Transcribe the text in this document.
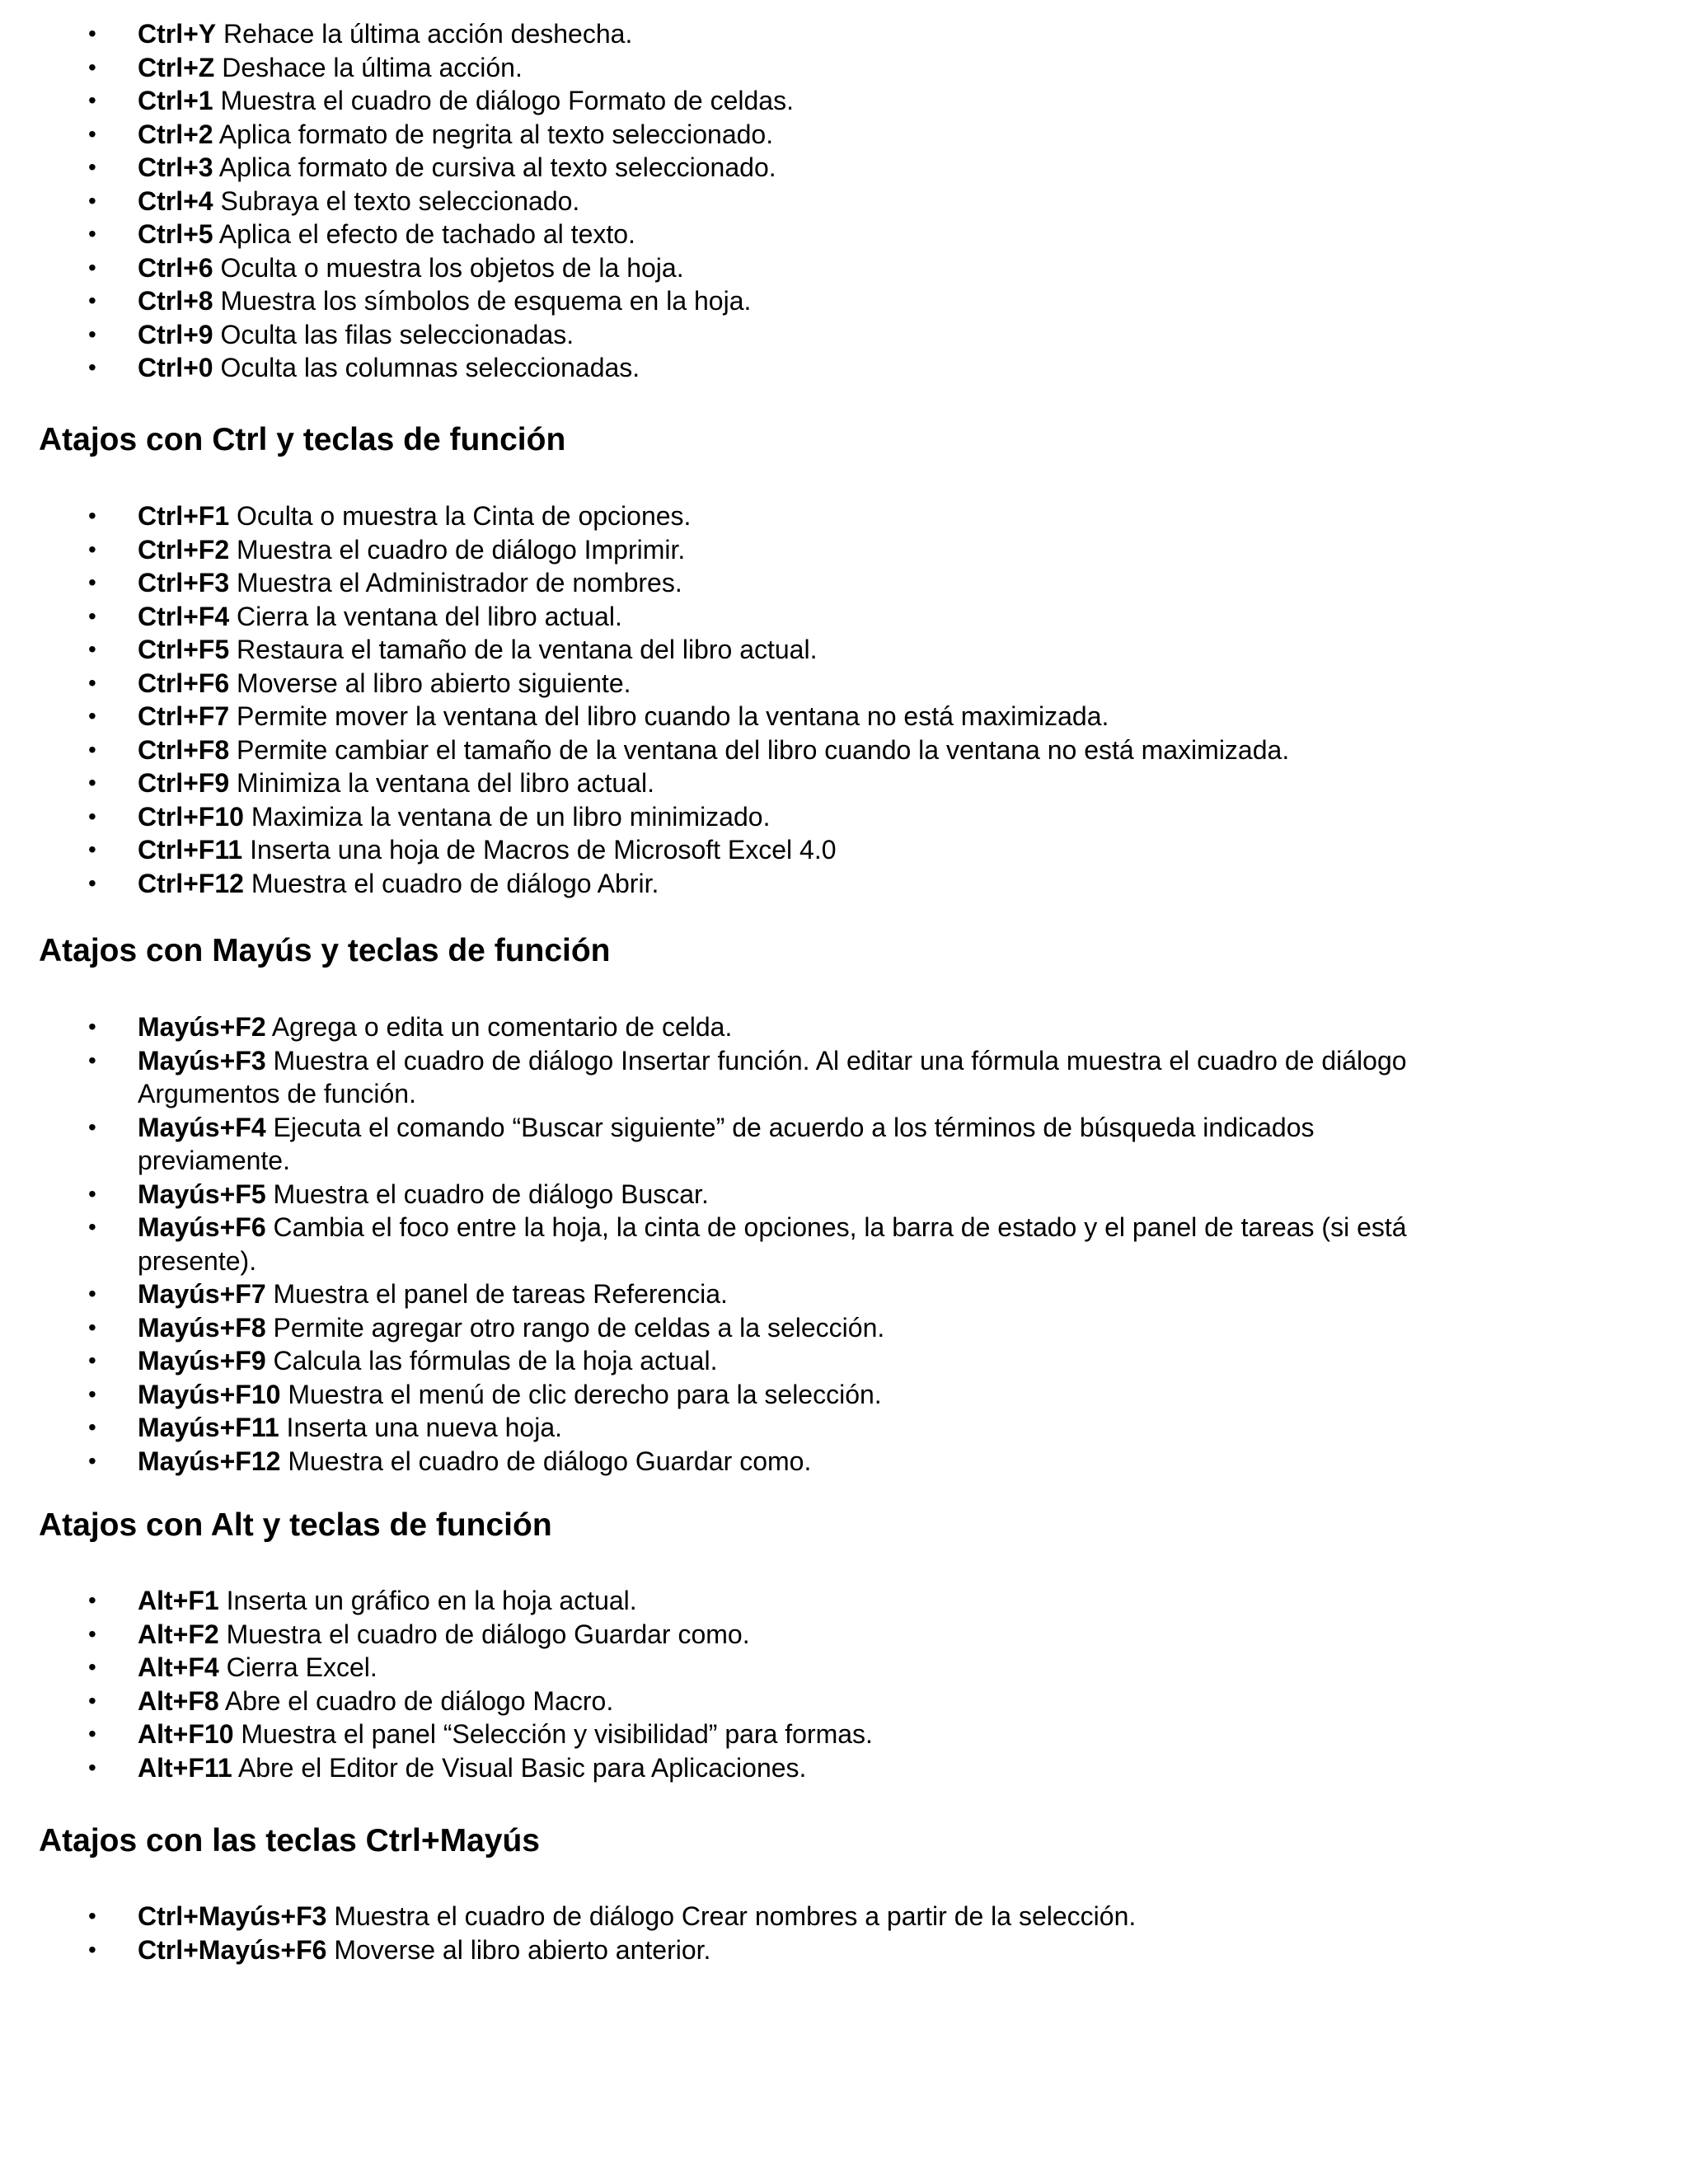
• Ctrl+Y Rehace la última acción deshecha.
• Ctrl+Z Deshace la última acción.
• Ctrl+1 Muestra el cuadro de diálogo Formato de celdas.
• Ctrl+2 Aplica formato de negrita al texto seleccionado.
• Ctrl+3 Aplica formato de cursiva al texto seleccionado.
• Ctrl+4 Subraya el texto seleccionado.
• Ctrl+5 Aplica el efecto de tachado al texto.
• Ctrl+6 Oculta o muestra los objetos de la hoja.
• Ctrl+8 Muestra los símbolos de esquema en la hoja.
• Ctrl+9 Oculta las filas seleccionadas.
• Ctrl+0 Oculta las columnas seleccionadas.
Atajos con Ctrl y teclas de función
• Ctrl+F1 Oculta o muestra la Cinta de opciones.
• Ctrl+F2 Muestra el cuadro de diálogo Imprimir.
• Ctrl+F3 Muestra el Administrador de nombres.
• Ctrl+F4 Cierra la ventana del libro actual.
• Ctrl+F5 Restaura el tamaño de la ventana del libro actual.
• Ctrl+F6 Moverse al libro abierto siguiente.
• Ctrl+F7 Permite mover la ventana del libro cuando la ventana no está maximizada.
• Ctrl+F8 Permite cambiar el tamaño de la ventana del libro cuando la ventana no está maximizada.
• Ctrl+F9 Minimiza la ventana del libro actual.
• Ctrl+F10 Maximiza la ventana de un libro minimizado.
• Ctrl+F11 Inserta una hoja de Macros de Microsoft Excel 4.0
• Ctrl+F12 Muestra el cuadro de diálogo Abrir.
Atajos con Mayús y teclas de función
• Mayús+F2 Agrega o edita un comentario de celda.
• Mayús+F3 Muestra el cuadro de diálogo Insertar función. Al editar una fórmula muestra el cuadro de diálogo Argumentos de función.
• Mayús+F4 Ejecuta el comando “Buscar siguiente” de acuerdo a los términos de búsqueda indicados previamente.
• Mayús+F5 Muestra el cuadro de diálogo Buscar.
• Mayús+F6 Cambia el foco entre la hoja, la cinta de opciones, la barra de estado y el panel de tareas (si está presente).
• Mayús+F7 Muestra el panel de tareas Referencia.
• Mayús+F8 Permite agregar otro rango de celdas a la selección.
• Mayús+F9 Calcula las fórmulas de la hoja actual.
• Mayús+F10 Muestra el menú de clic derecho para la selección.
• Mayús+F11 Inserta una nueva hoja.
• Mayús+F12 Muestra el cuadro de diálogo Guardar como.
Atajos con Alt y teclas de función
• Alt+F1 Inserta un gráfico en la hoja actual.
• Alt+F2 Muestra el cuadro de diálogo Guardar como.
• Alt+F4 Cierra Excel.
• Alt+F8 Abre el cuadro de diálogo Macro.
• Alt+F10 Muestra el panel “Selección y visibilidad” para formas.
• Alt+F11 Abre el Editor de Visual Basic para Aplicaciones.
Atajos con las teclas Ctrl+Mayús
• Ctrl+Mayús+F3 Muestra el cuadro de diálogo Crear nombres a partir de la selección.
• Ctrl+Mayús+F6 Moverse al libro abierto anterior.
